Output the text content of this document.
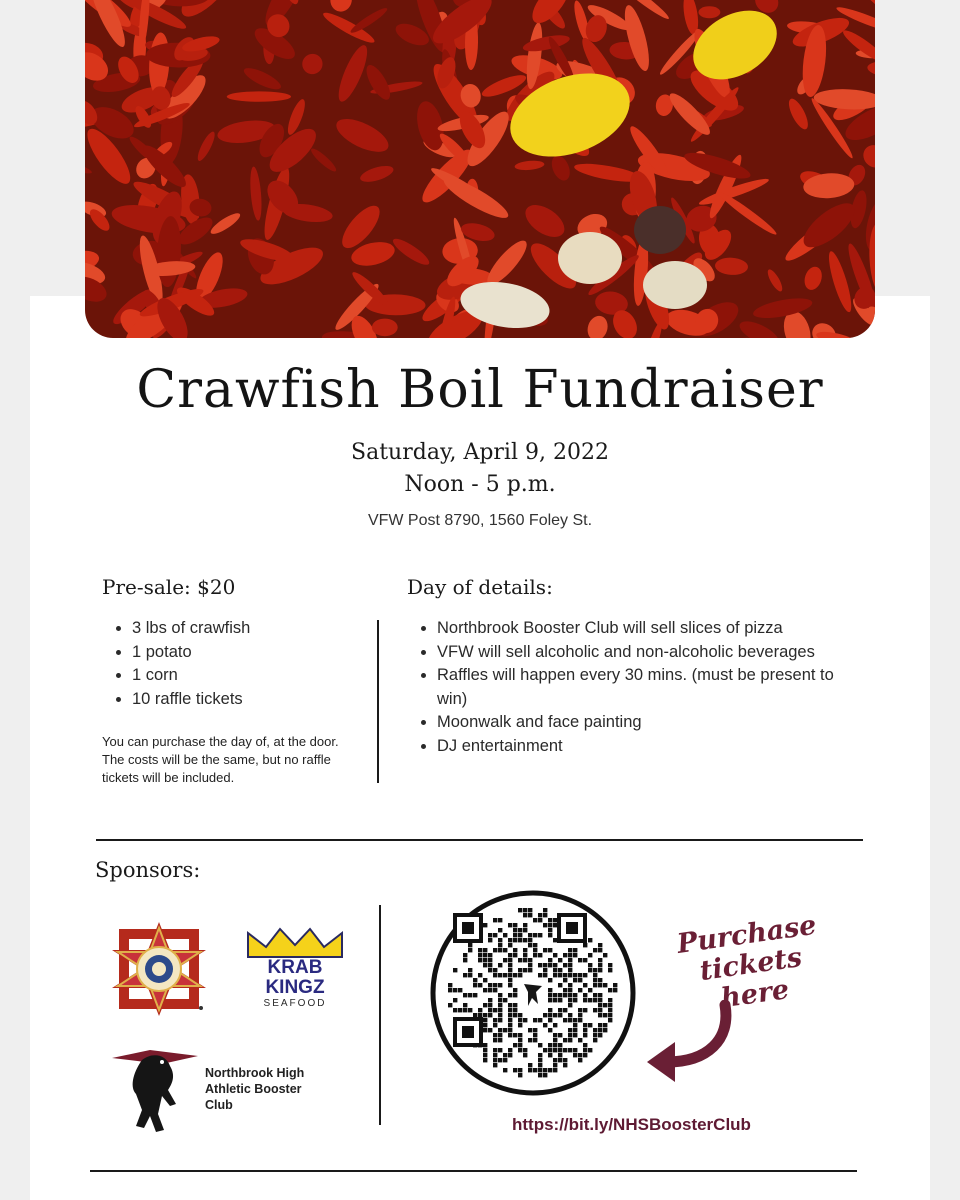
Crawfish Boil Fundraiser
Saturday, April 9, 2022
Noon - 5 p.m.
VFW Post 8790, 1560 Foley St.
Pre-sale: $20
• 3 lbs of crawfish
• 1 potato
• 1 corn
• 10 raffle tickets
You can purchase the day of, at the door. The costs will be the same, but no raffle tickets will be included.
Day of details:
• Northbrook Booster Club will sell slices of pizza
• VFW will sell alcoholic and non-alcoholic beverages
• Raffles will happen every 30 mins. (must be present to win)
• Moonwalk and face painting
• DJ entertainment
Sponsors:
KRAB
KINGZ
SEAFOOD
Northbrook High Athletic Booster Club
Purchase tickets here
https://bit.ly/NHSBoosterClub
